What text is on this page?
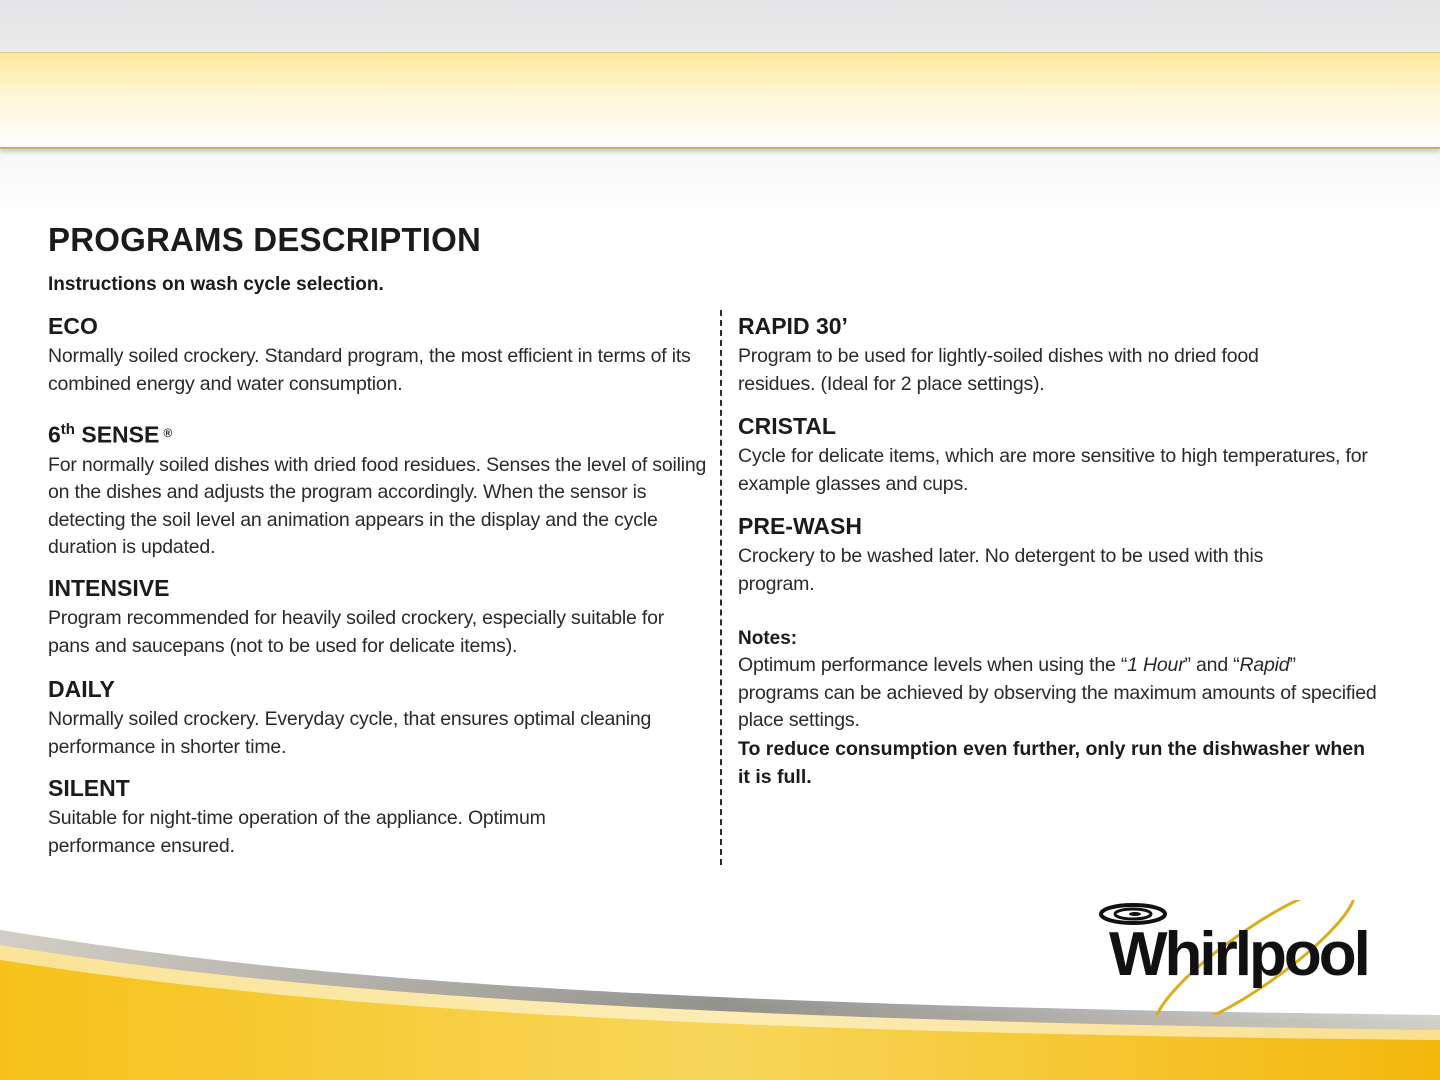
PROGRAMS DESCRIPTION
Instructions on wash cycle selection.
ECO
Normally soiled crockery. Standard program, the most efficient in terms of its combined energy and water consumption.
6th SENSE ®
For normally soiled dishes with dried food residues. Senses the level of soiling on the dishes and adjusts the program accordingly. When the sensor is detecting the soil level an animation appears in the display and the cycle duration is updated.
INTENSIVE
Program recommended for heavily soiled crockery, especially suitable for pans and saucepans (not to be used for delicate items).
DAILY
Normally soiled crockery. Everyday cycle, that ensures optimal cleaning performance in shorter time.
SILENT
Suitable for night-time operation of the appliance. Optimum performance ensured.
RAPID 30’
Program to be used for lightly-soiled dishes with no dried food residues. (Ideal for 2 place settings).
CRISTAL
Cycle for delicate items, which are more sensitive to high temperatures, for example glasses and cups.
PRE-WASH
Crockery to be washed later. No detergent to be used with this program.
Notes:
Optimum performance levels when using the “1 Hour” and “Rapid” programs can be achieved by observing the maximum amounts of specified place settings.
To reduce consumption even further, only run the dishwasher when it is full.
Whirlpool
